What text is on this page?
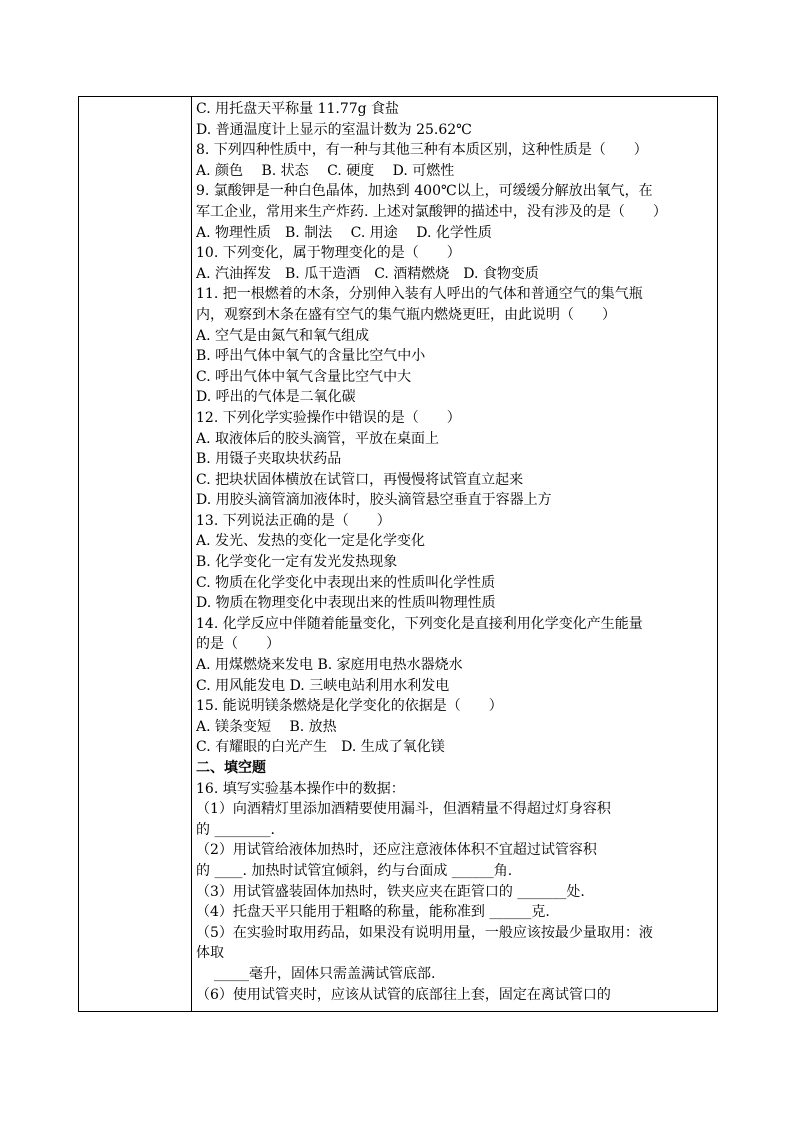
C. 用托盘天平称量 11.77g 食盐
D. 普通温度计上显示的室温计数为 25.62℃
8. 下列四种性质中，有一种与其他三种有本质区别，这种性质是（　　）
A. 颜色　 B. 状态　 C. 硬度　 D. 可燃性
9. 氯酸钾是一种白色晶体，加热到 400℃以上，可缓缓分解放出氧气，在
军工企业，常用来生产炸药. 上述对氯酸钾的描述中，没有涉及的是（　　）
A. 物理性质　B. 制法　 C. 用途　 D. 化学性质
10. 下列变化，属于物理变化的是（　　）
A. 汽油挥发　B. 瓜干造酒　C. 酒精燃烧　D. 食物变质
11. 把一根燃着的木条，分别伸入装有人呼出的气体和普通空气的集气瓶
内，观察到木条在盛有空气的集气瓶内燃烧更旺，由此说明（　　）
A. 空气是由氮气和氧气组成
B. 呼出气体中氧气的含量比空气中小
C. 呼出气体中氧气含量比空气中大
D. 呼出的气体是二氧化碳
12. 下列化学实验操作中错误的是（　　）
A. 取液体后的胶头滴管，平放在桌面上
B. 用镊子夹取块状药品
C. 把块状固体横放在试管口，再慢慢将试管直立起来
D. 用胶头滴管滴加液体时，胶头滴管悬空垂直于容器上方
13. 下列说法正确的是（　　）
A. 发光、发热的变化一定是化学变化
B. 化学变化一定有发光发热现象
C. 物质在化学变化中表现出来的性质叫化学性质
D. 物质在物理变化中表现出来的性质叫物理性质
14. 化学反应中伴随着能量变化，下列变化是直接利用化学变化产生能量
的是（　　）
A. 用煤燃烧来发电 B. 家庭用电热水器烧水
C. 用风能发电 D. 三峡电站利用水利发电
15. 能说明镁条燃烧是化学变化的依据是（　　）
A. 镁条变短　 B. 放热
C. 有耀眼的白光产生　D. 生成了氧化镁
二、填空题
16. 填写实验基本操作中的数据：
（1）向酒精灯里添加酒精要使用漏斗，但酒精量不得超过灯身容积
的 ________.
（2）用试管给液体加热时，还应注意液体体积不宜超过试管容积
的 ____. 加热时试管宜倾斜，约与台面成 ______角.
（3）用试管盛装固体加热时，铁夹应夹在距管口的 _______处.
（4）托盘天平只能用于粗略的称量，能称准到 ______克.
（5）在实验时取用药品，如果没有说明用量，一般应该按最少量取用：液
体取
_____毫升，固体只需盖满试管底部.
（6）使用试管夹时，应该从试管的底部往上套，固定在离试管口的
